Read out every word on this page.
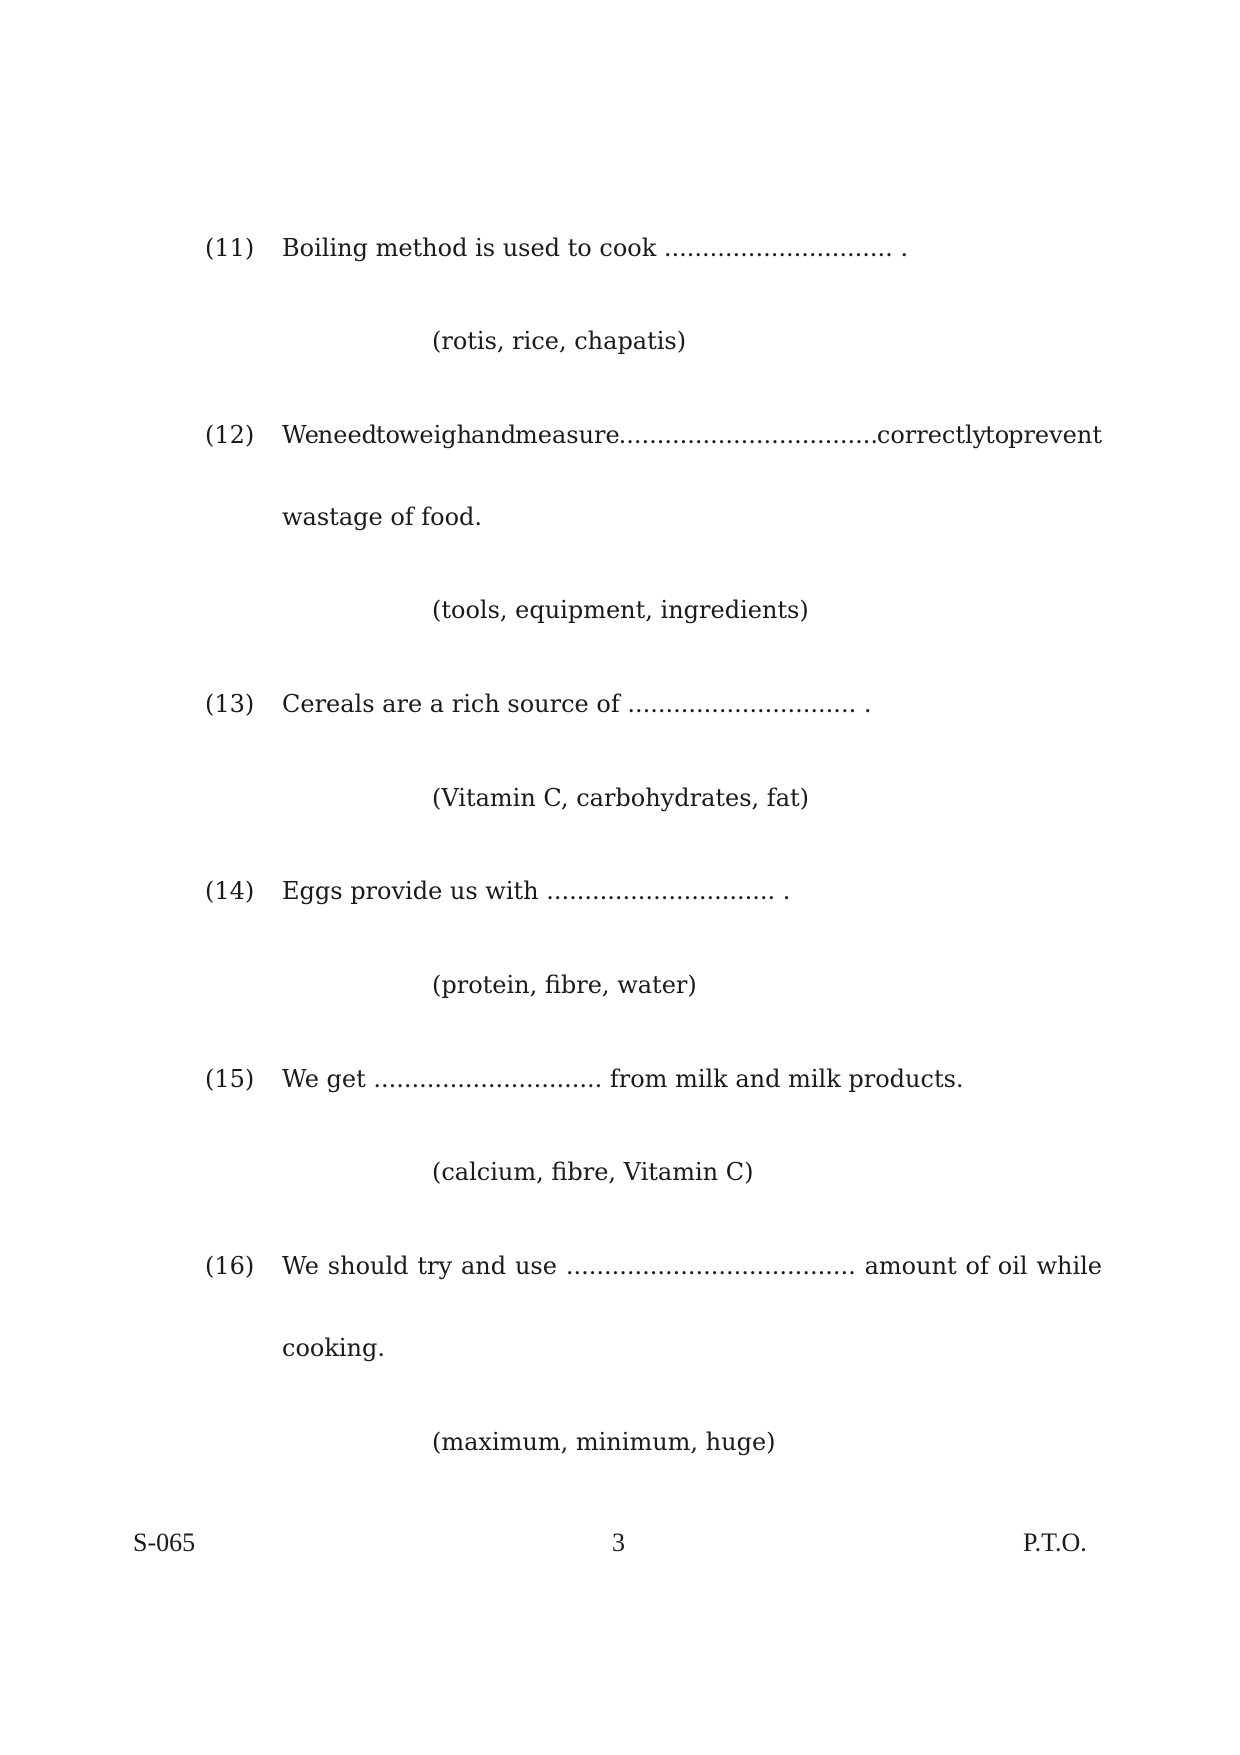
(11) Boiling method is used to cook .............................. .
(rotis, rice, chapatis)
(12) We need to weigh and measure .................................. correctly to prevent
wastage of food.
(tools, equipment, ingredients)
(13) Cereals are a rich source of .............................. .
(Vitamin C, carbohydrates, fat)
(14) Eggs provide us with .............................. .
(protein, fibre, water)
(15) We get .............................. from milk and milk products.
(calcium, fibre, Vitamin C)
(16) We should try and use ...................................... amount of oil while
cooking.
(maximum, minimum, huge)
S-065	3	P.T.O.
